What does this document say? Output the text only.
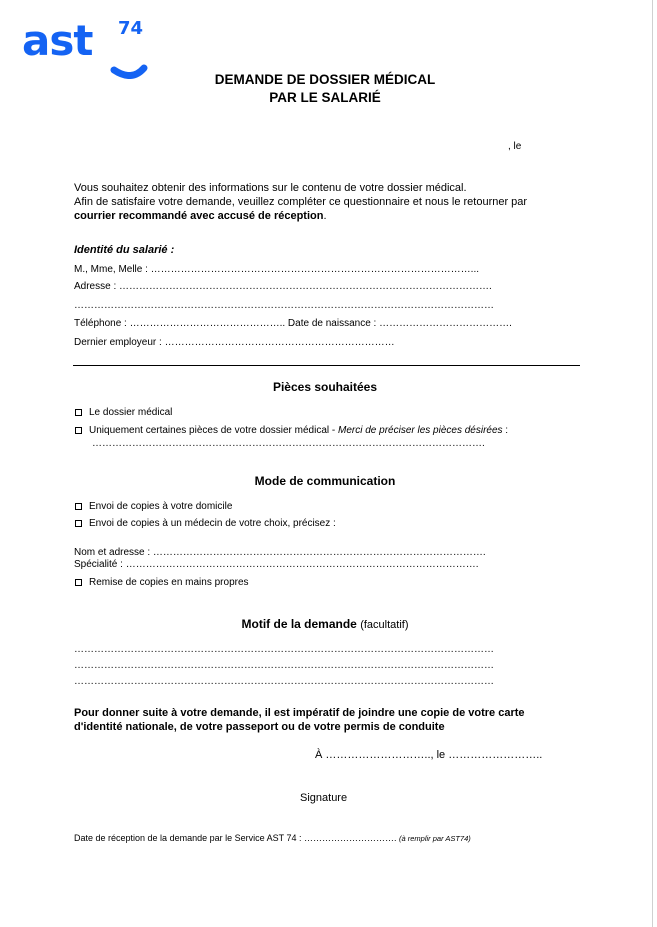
ast 74
DEMANDE DE DOSSIER MÉDICAL
PAR LE SALARIÉ
, le
Vous souhaitez obtenir des informations sur le contenu de votre dossier médical.
Afin de satisfaire votre demande, veuillez compléter ce questionnaire et nous le retourner par
courrier recommandé avec accusé de réception.
Identité du salarié :
M., Mme, Melle : ……………………………………………………………………………………...
Adresse : ………………………………………………………………………………………………….
………………………………………………………………………………………………………………
Téléphone : ……………………………………….. Date de naissance : ………………………………….
Dernier employeur : ……………………………………………………………
Pièces souhaitées
Le dossier médical
Uniquement certaines pièces de votre dossier médical - Merci de préciser les pièces désirées :
……………………………………………………………………………………………………….
Mode de communication
Envoi de copies à votre domicile
Envoi de copies à un médecin de votre choix, précisez :
Nom et adresse : ……………………………………………………………………………………….
Spécialité : …………………………………………………………………………………………….
Remise de copies en mains propres
Motif de la demande (facultatif)
………………………………………………………………………………………………………………
………………………………………………………………………………………………………………
………………………………………………………………………………………………………………
Pour donner suite à votre demande, il est impératif de joindre une copie de votre carte
d'identité nationale, de votre passeport ou de votre permis de conduite
À ……………………….., le ……………………..
Signature
Date de réception de la demande par le Service AST 74 : …………………………. (à remplir par AST74)
